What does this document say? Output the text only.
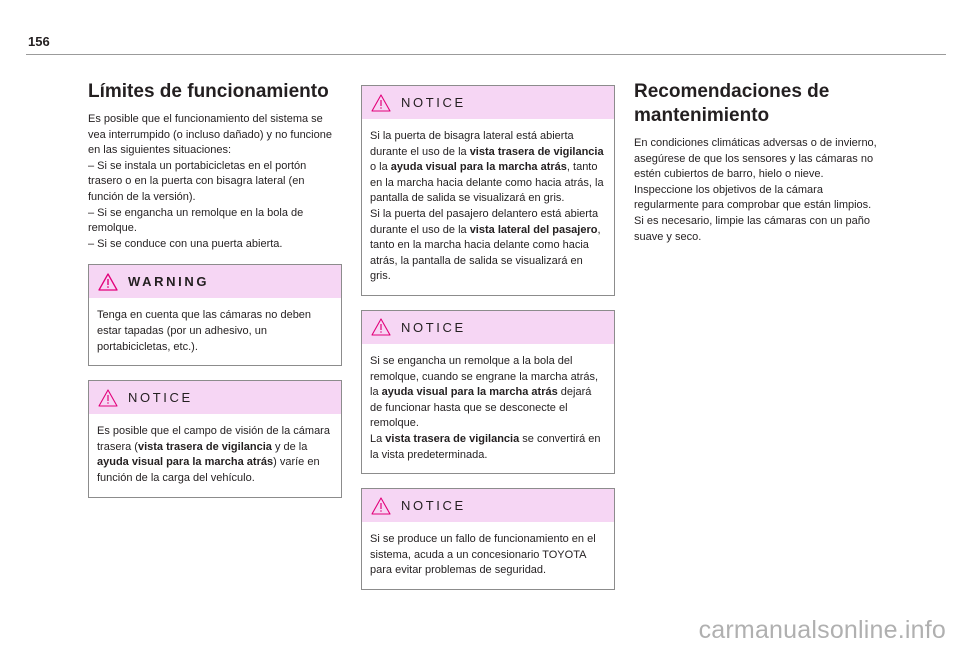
156
Límites de funcionamiento

Es posible que el funcionamiento del sistema se vea interrumpido (o incluso dañado) y no funcione en las siguientes situaciones:

– Si se instala un portabicicletas en el portón trasero o en la puerta con bisagra lateral (en función de la versión).

– Si se engancha un remolque en la bola de remolque.

– Si se conduce con una puerta abierta.

WARNING
Tenga en cuenta que las cámaras no deben estar tapadas (por un adhesivo, un portabicicletas, etc.).
NOTICE
Es posible que el campo de visión de la cámara trasera (vista trasera de vigilancia y de la ayuda visual para la marcha atrás) varíe en función de la carga del vehículo.
NOTICE
Si la puerta de bisagra lateral está abierta durante el uso de la vista trasera de vigilancia o la ayuda visual para la marcha atrás, tanto en la marcha hacia delante como hacia atrás, la pantalla de salida se visualizará en gris.
Si la puerta del pasajero delantero está abierta durante el uso de la vista lateral del pasajero, tanto en la marcha hacia delante como hacia atrás, la pantalla de salida se visualizará en gris.
NOTICE
Si se engancha un remolque a la bola del remolque, cuando se engrane la marcha atrás, la ayuda visual para la marcha atrás dejará de funcionar hasta que se desconecte el remolque.
La vista trasera de vigilancia se convertirá en la vista predeterminada.
NOTICE
Si se produce un fallo de funcionamiento en el sistema, acuda a un concesionario TOYOTA para evitar problemas de seguridad.
Recomendaciones de mantenimiento

En condiciones climáticas adversas o de invierno, asegúrese de que los sensores y las cámaras no estén cubiertos de barro, hielo o nieve.

Inspeccione los objetivos de la cámara regularmente para comprobar que están limpios.

Si es necesario, limpie las cámaras con un paño suave y seco.

carmanualsonline.info
